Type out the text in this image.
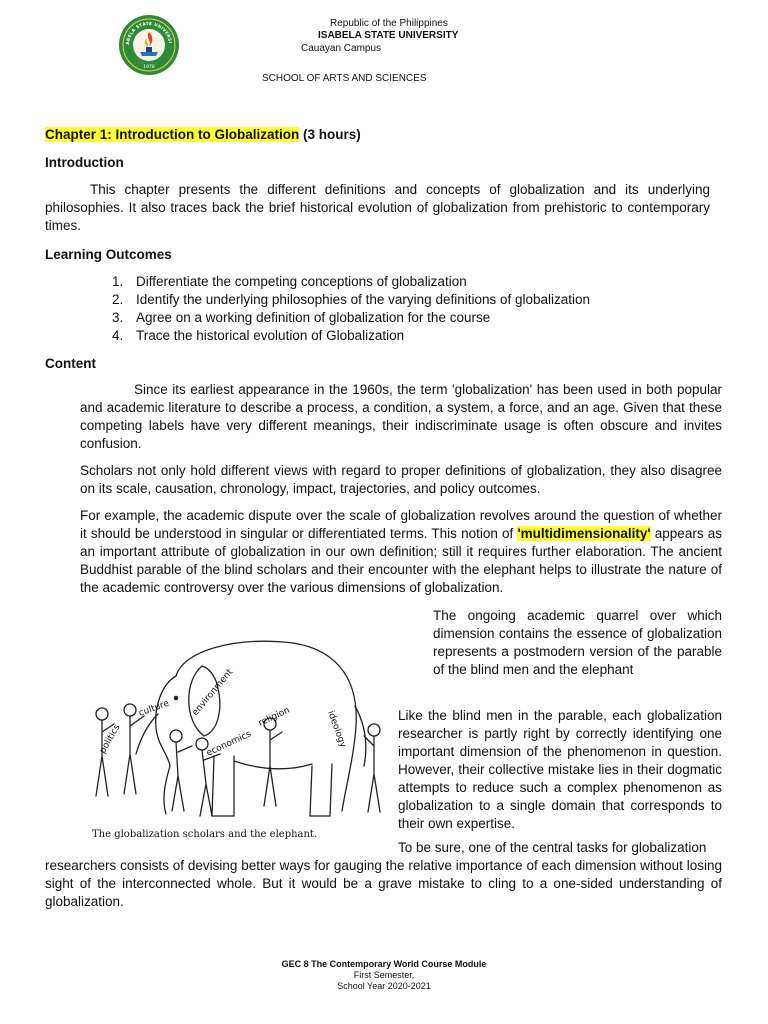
ABELA STATE UNIVERSI
1978
Republic of the Philippines
ISABELA STATE UNIVERSITY
Cauayan Campus
SCHOOL OF ARTS AND SCIENCES
Chapter 1: Introduction to Globalization (3 hours)
Introduction
This chapter presents the different definitions and concepts of globalization and its underlying philosophies. It also traces back the brief historical evolution of globalization from prehistoric to contemporary times.
Learning Outcomes
1. Differentiate the competing conceptions of globalization
2. Identify the underlying philosophies of the varying definitions of globalization
3. Agree on a working definition of globalization for the course
4. Trace the historical evolution of Globalization
Content
Since its earliest appearance in the 1960s, the term 'globalization' has been used in both popular and academic literature to describe a process, a condition, a system, a force, and an age. Given that these competing labels have very different meanings, their indiscriminate usage is often obscure and invites confusion.
Scholars not only hold different views with regard to proper definitions of globalization, they also disagree on its scale, causation, chronology, impact, trajectories, and policy outcomes.
For example, the academic dispute over the scale of globalization revolves around the question of whether it should be understood in singular or differentiated terms. This notion of 'multidimensionality' appears as an important attribute of globalization in our own definition; still it requires further elaboration. The ancient Buddhist parable of the blind scholars and their encounter with the elephant helps to illustrate the nature of the academic controversy over the various dimensions of globalization.
The ongoing academic quarrel over which dimension contains the essence of globalization represents a postmodern version of the parable of the blind men and the elephant
culture
politics
environment
economics
religion	ideology
The globalization scholars and the elephant.
Like the blind men in the parable, each globalization researcher is partly right by correctly identifying one important dimension of the phenomenon in question. However, their collective mistake lies in their dogmatic attempts to reduce such a complex phenomenon as globalization to a single domain that corresponds to their own expertise.
To be sure, one of the central tasks for globalization
researchers consists of devising better ways for gauging the relative importance of each dimension without losing sight of the interconnected whole. But it would be a grave mistake to cling to a one-sided understanding of globalization.
GEC 8 The Contemporary World Course Module
First Semester,
School Year 2020-2021
